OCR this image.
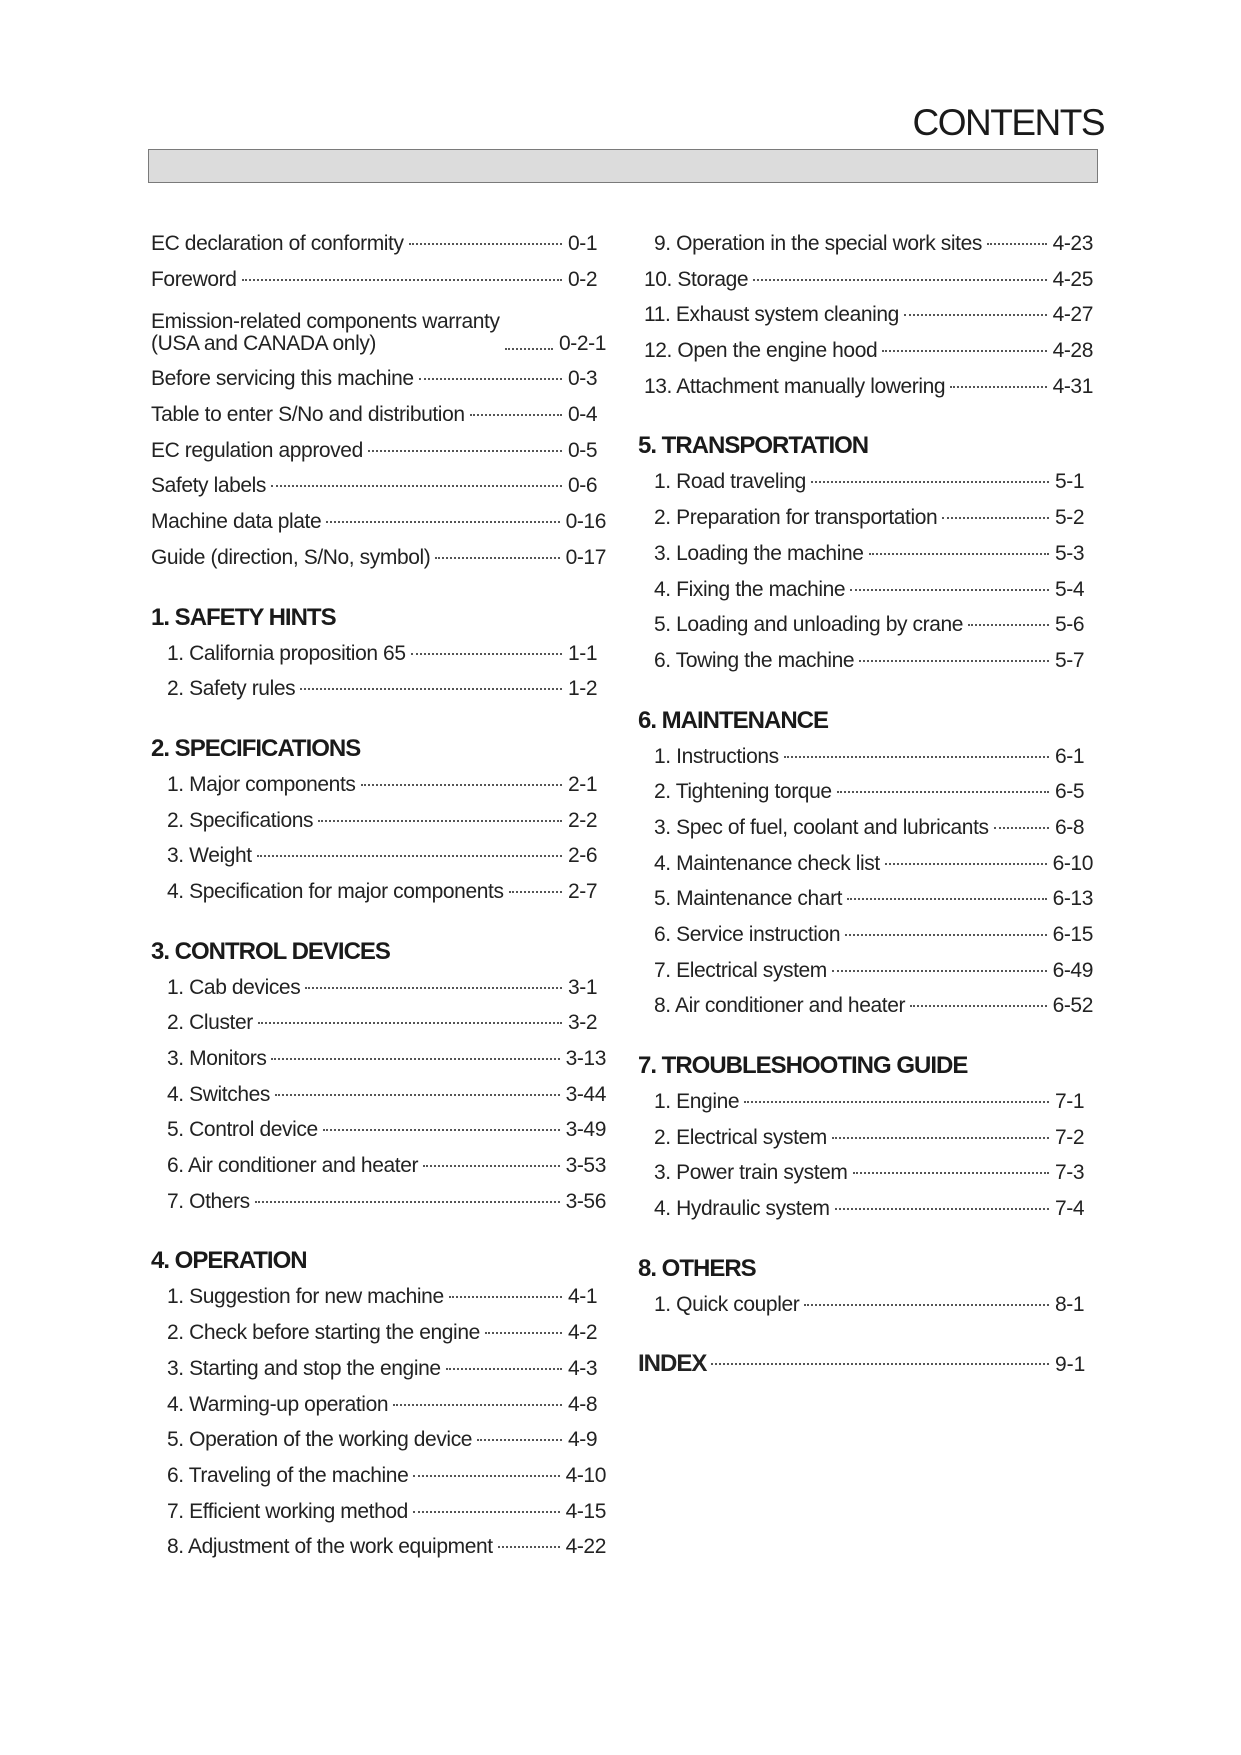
CONTENTS
EC declaration of conformity	0-1
Foreword	0-2
Emission-related components warranty
(USA and CANADA only)	0-2-1
Before servicing this machine	0-3
Table to enter S/No and distribution	0-4
EC regulation approved	0-5
Safety labels	0-6
Machine data plate	0-16
Guide (direction, S/No, symbol)	0-17
1. SAFETY HINTS
1. California proposition 65	1-1
2. Safety rules	1-2
2. SPECIFICATIONS
1. Major components	2-1
2. Specifications	2-2
3. Weight	2-6
4. Specification for major components	2-7
3. CONTROL DEVICES
1. Cab devices	3-1
2. Cluster	3-2
3. Monitors	3-13
4. Switches	3-44
5. Control device	3-49
6. Air conditioner and heater	3-53
7. Others	3-56
4. OPERATION
1. Suggestion for new machine	4-1
2. Check before starting the engine	4-2
3. Starting and stop the engine	4-3
4. Warming-up operation	4-8
5. Operation of the working device	4-9
6. Traveling of the machine	4-10
7. Efficient working method	4-15
8. Adjustment of the work equipment	4-22
9. Operation in the special work sites	4-23
10. Storage	4-25
11. Exhaust system cleaning	4-27
12. Open the engine hood	4-28
13. Attachment manually lowering	4-31
5. TRANSPORTATION
1. Road traveling	5-1
2. Preparation for transportation	5-2
3. Loading the machine	5-3
4. Fixing the machine	5-4
5. Loading and unloading by crane	5-6
6. Towing the machine	5-7
6. MAINTENANCE
1. Instructions	6-1
2. Tightening torque	6-5
3. Spec of fuel, coolant and lubricants	6-8
4. Maintenance check list	6-10
5. Maintenance chart	6-13
6. Service instruction	6-15
7. Electrical system	6-49
8. Air conditioner and heater	6-52
7. TROUBLESHOOTING GUIDE
1. Engine	7-1
2. Electrical system	7-2
3. Power train system	7-3
4. Hydraulic system	7-4
8. OTHERS
1. Quick coupler	8-1
INDEX	9-1
